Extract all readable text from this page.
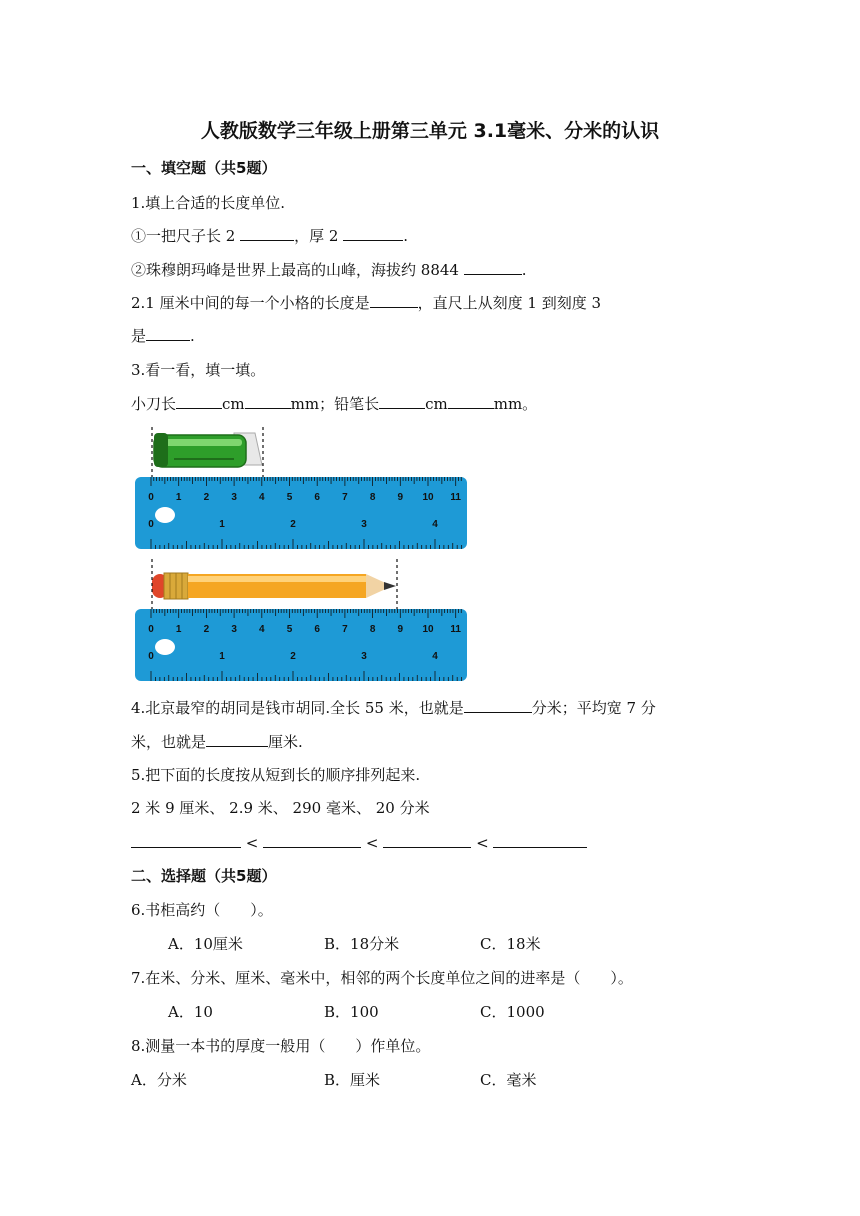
人教版数学三年级上册第三单元 3.1毫米、分米的认识
一、填空题（共5题）
1.填上合适的长度单位.
①一把尺子长 2	，厚 2	.
②珠穆朗玛峰是世界上最高的山峰，海拔约 8844	.
2.1 厘米中间的每一个小格的长度是	，直尺上从刻度 1 到刻度 3
是	.
3.看一看，填一填。
小刀长	cm	mm；铅笔长	cm	mm。
0 1 2 3 4 5 6 7 8 9 10 11
0	1	2	3	4
0 1 2 3 4 5 6 7 8 9 10 11
0	1	2	3	4
4.北京最窄的胡同是钱市胡同.全长 55 米，也就是	分米；平均宽 7 分
米，也就是	厘米.
5.把下面的长度按从短到长的顺序排列起来.
2 米 9 厘米、 2.9 米、 290 毫米、 20 分米
<	<	<
二、选择题（共5题）
6.书柜高约（　　）。
A．10厘米	B．18分米	C．18米
7.在米、分米、厘米、毫米中，相邻的两个长度单位之间的进率是（　　）。
A．10	B．100	C．1000
8.测量一本书的厚度一般用（　　）作单位。
A．分米	B．厘米	C．毫米
